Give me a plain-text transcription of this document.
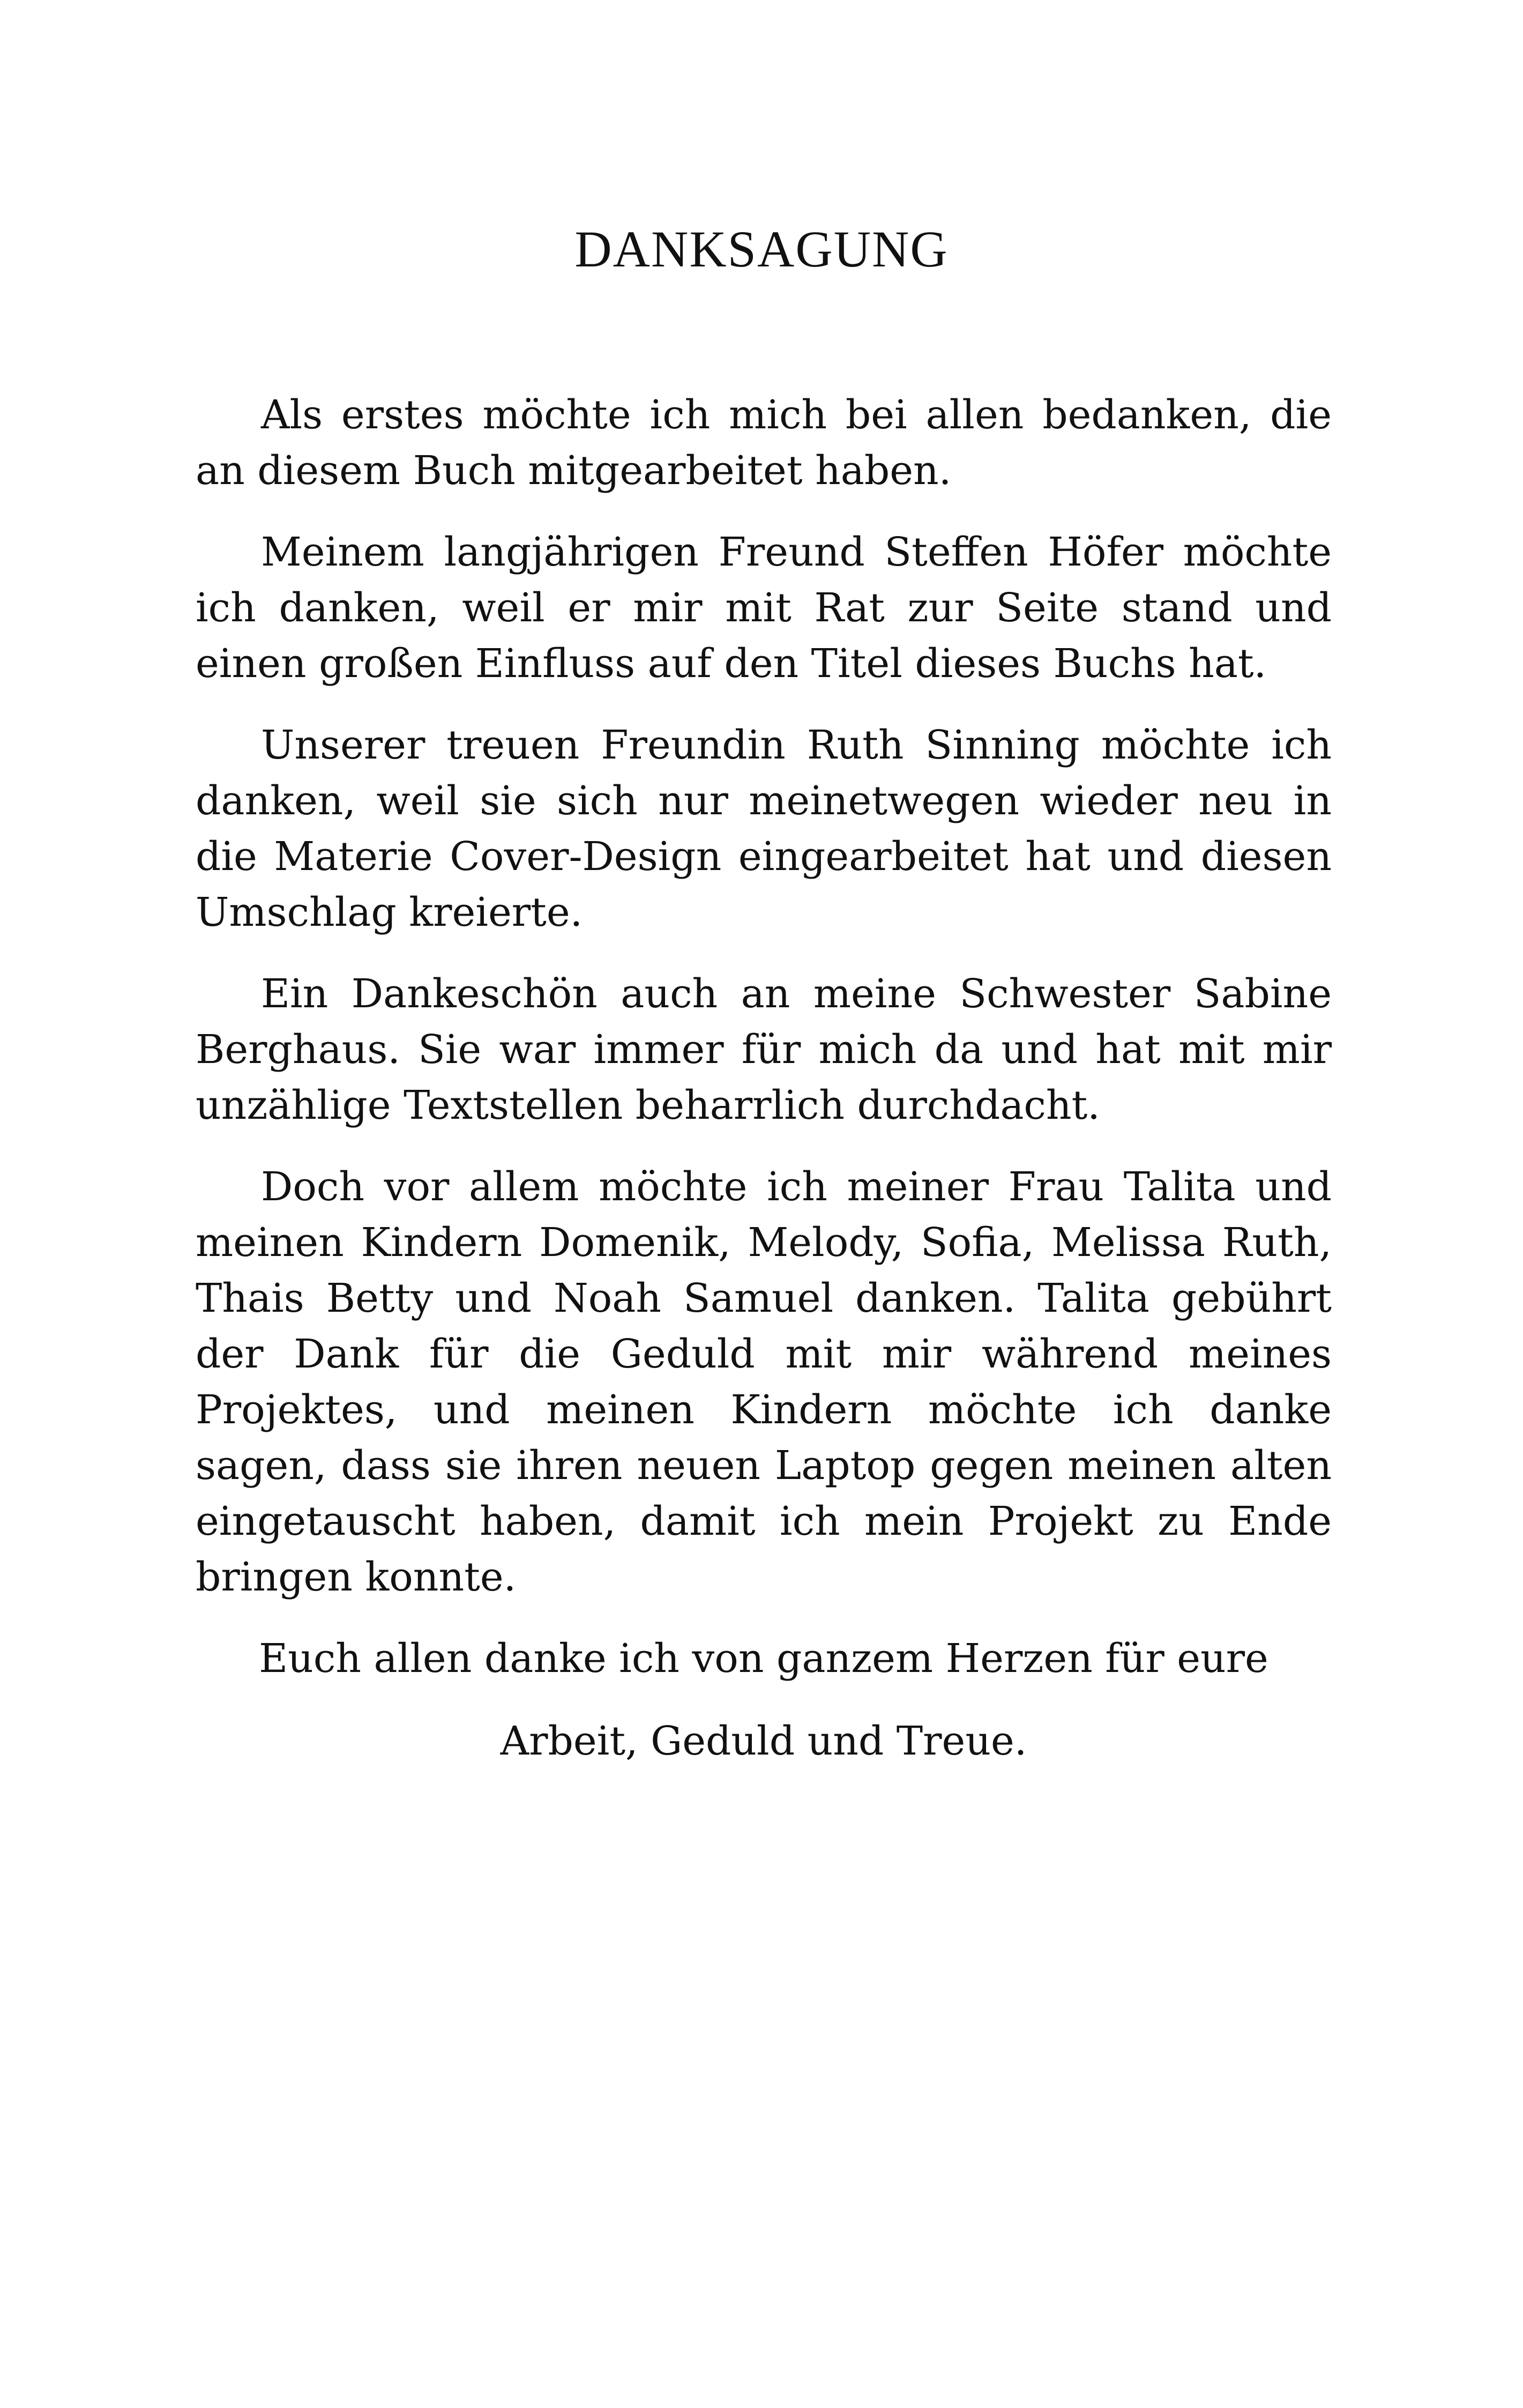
DANKSAGUNG

Als erstes möchte ich mich bei allen bedanken, die an diesem Buch mitgearbeitet haben.

Meinem langjährigen Freund Steffen Höfer möchte ich danken, weil er mir mit Rat zur Seite stand und einen großen Einfluss auf den Titel dieses Buchs hat.

Unserer treuen Freundin Ruth Sinning möchte ich danken, weil sie sich nur meinetwegen wieder neu in die Materie Cover-Design eingearbeitet hat und diesen Umschlag kreierte.

Ein Dankeschön auch an meine Schwester Sabine Berghaus. Sie war immer für mich da und hat mit mir unzählige Textstellen beharrlich durchdacht.

Doch vor allem möchte ich meiner Frau Talita und meinen Kindern Domenik, Melody, Sofia, Melissa Ruth, Thais Betty und Noah Samuel danken. Talita gebührt der Dank für die Geduld mit mir während meines Projektes, und meinen Kindern möchte ich danke sagen, dass sie ihren neuen Laptop gegen meinen alten eingetauscht haben, damit ich mein Projekt zu Ende bringen konnte.

Euch allen danke ich von ganzem Herzen für eure

Arbeit, Geduld und Treue.
